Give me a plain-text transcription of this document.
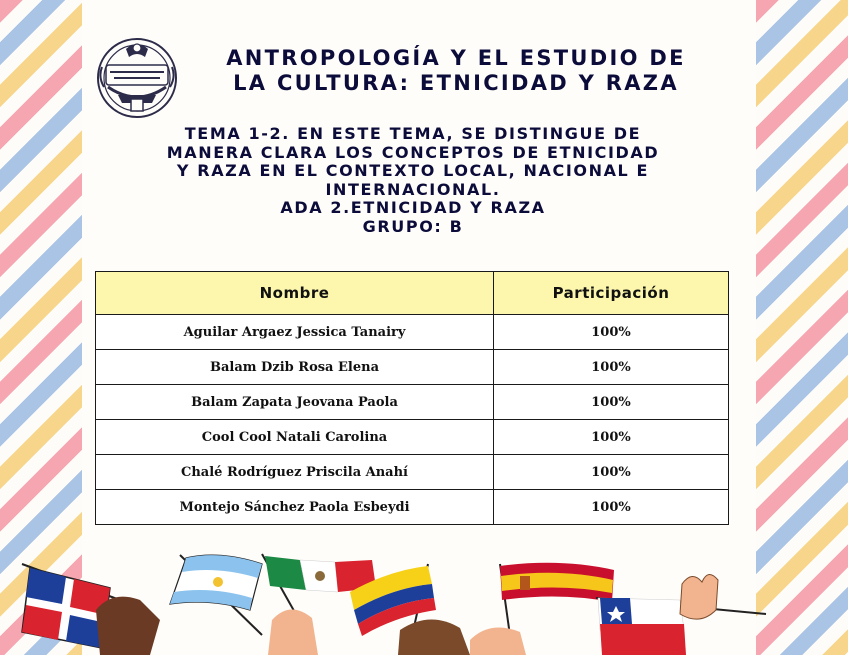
ANTROPOLOGÍA Y EL ESTUDIO DE
LA CULTURA: ETNICIDAD Y RAZA
TEMA 1-2. EN ESTE TEMA, SE DISTINGUE DE
MANERA CLARA LOS CONCEPTOS DE ETNICIDAD
Y RAZA EN EL CONTEXTO LOCAL, NACIONAL E
INTERNACIONAL.
ADA 2.ETNICIDAD Y RAZA
GRUPO: B
Nombre	Participación
Aguilar Argaez Jessica Tanairy	100%
Balam Dzib Rosa Elena	100%
Balam Zapata Jeovana Paola	100%
Cool Cool Natali Carolina	100%
Chalé Rodríguez Priscila Anahí	100%
Montejo Sánchez Paola Esbeydi	100%
